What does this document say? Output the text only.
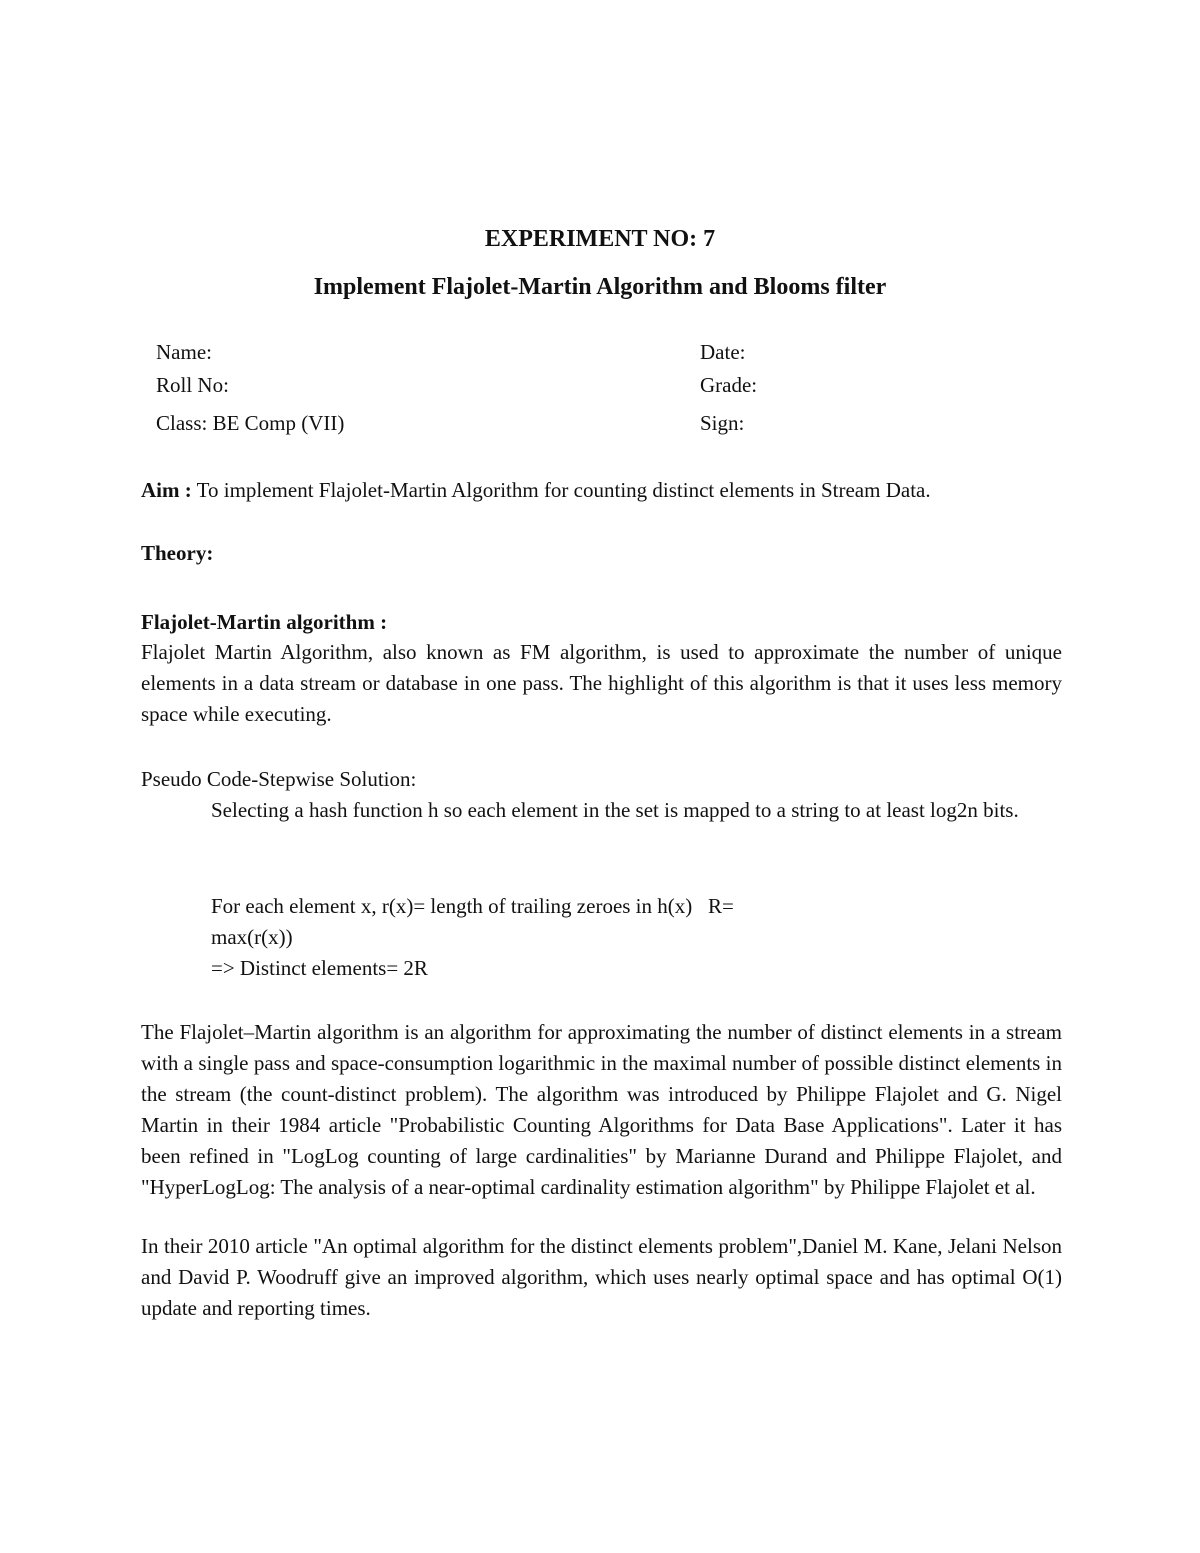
EXPERIMENT NO: 7
Implement Flajolet-Martin Algorithm and Blooms filter
Name:	Date:
Roll No:	Grade:
Class: BE Comp (VII)	Sign:
Aim : To implement Flajolet-Martin Algorithm for counting distinct elements in Stream Data.
Theory:
Flajolet-Martin algorithm :
Flajolet Martin Algorithm, also known as FM algorithm, is used to approximate the number of unique elements in a data stream or database in one pass. The highlight of this algorithm is that it uses less memory space while executing.
Pseudo Code-Stepwise Solution:
Selecting a hash function h so each element in the set is mapped to a string to at least log2n bits.
For each element x, r(x)= length of trailing zeroes in h(x)   R=
max(r(x))
=> Distinct elements= 2R
The Flajolet–Martin algorithm is an algorithm for approximating the number of distinct elements in a stream with a single pass and space-consumption logarithmic in the maximal number of possible distinct elements in the stream (the count-distinct problem). The algorithm was introduced by Philippe Flajolet and G. Nigel Martin in their 1984 article "Probabilistic Counting Algorithms for Data Base Applications". Later it has been refined in "LogLog counting of large cardinalities" by Marianne Durand and Philippe Flajolet, and "HyperLogLog: The analysis of a near-optimal cardinality estimation algorithm" by Philippe Flajolet et al.
In their 2010 article "An optimal algorithm for the distinct elements problem",Daniel M. Kane, Jelani Nelson and David P. Woodruff give an improved algorithm, which uses nearly optimal space and has optimal O(1) update and reporting times.
